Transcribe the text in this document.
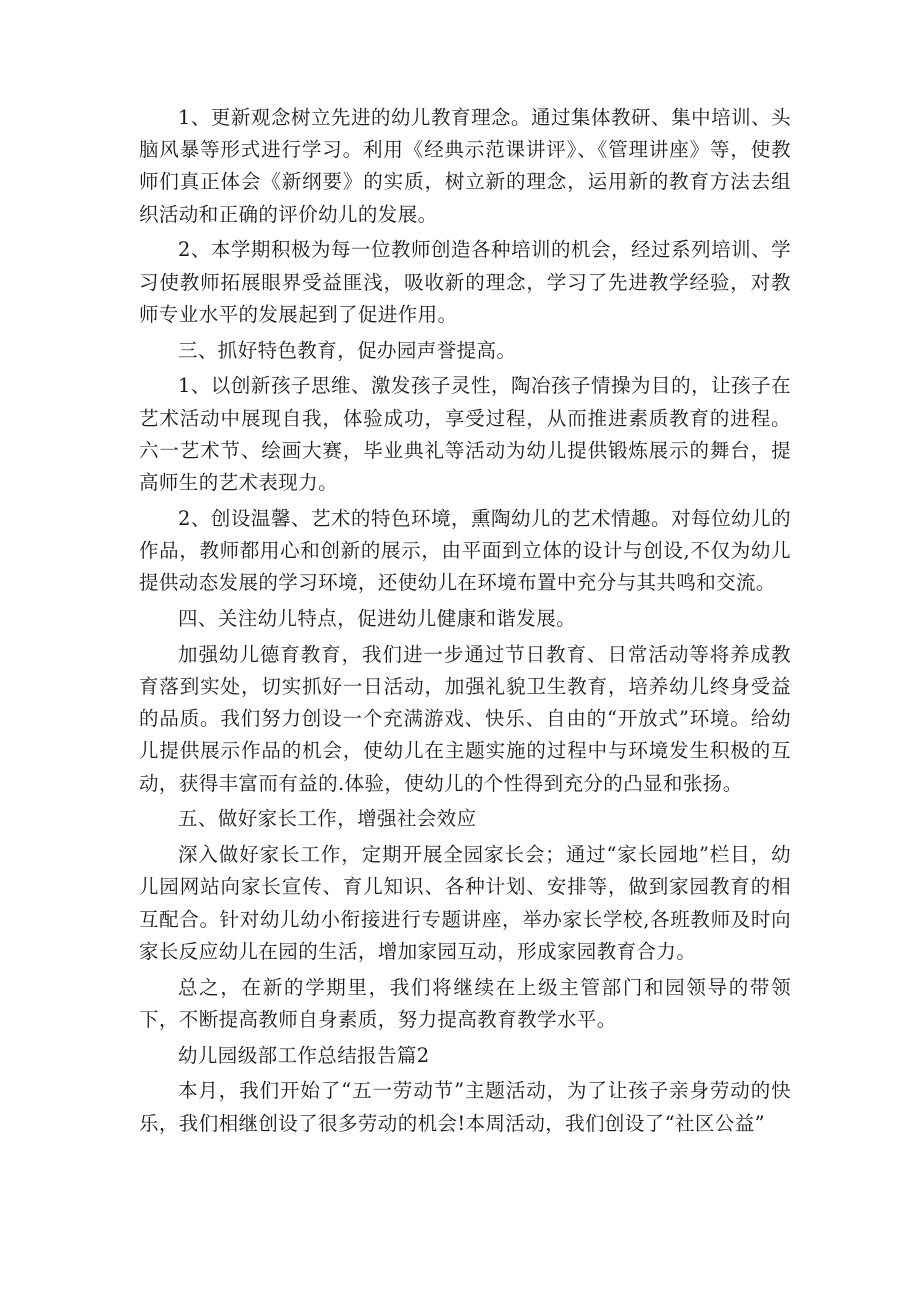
1、更新观念树立先进的幼儿教育理念。通过集体教研、集中培训、头脑风暴等形式进行学习。利用《经典示范课讲评》、《管理讲座》等，使教师们真正体会《新纲要》的实质，树立新的理念，运用新的教育方法去组织活动和正确的评价幼儿的发展。

2、本学期积极为每一位教师创造各种培训的机会，经过系列培训、学习使教师拓展眼界受益匪浅，吸收新的理念，学习了先进教学经验，对教师专业水平的发展起到了促进作用。

三、抓好特色教育，促办园声誉提高。

1、以创新孩子思维、激发孩子灵性，陶冶孩子情操为目的，让孩子在艺术活动中展现自我，体验成功，享受过程，从而推进素质教育的进程。六一艺术节、绘画大赛，毕业典礼等活动为幼儿提供锻炼展示的舞台，提高师生的艺术表现力。

2、创设温馨、艺术的特色环境，熏陶幼儿的艺术情趣。对每位幼儿的作品，教师都用心和创新的展示，由平面到立体的设计与创设,不仅为幼儿提供动态发展的学习环境，还使幼儿在环境布置中充分与其共鸣和交流。

四、关注幼儿特点，促进幼儿健康和谐发展。

加强幼儿德育教育，我们进一步通过节日教育、日常活动等将养成教育落到实处，切实抓好一日活动，加强礼貌卫生教育，培养幼儿终身受益的品质。我们努力创设一个充满游戏、快乐、自由的“开放式”环境。给幼儿提供展示作品的机会，使幼儿在主题实施的过程中与环境发生积极的互动，获得丰富而有益的.体验，使幼儿的个性得到充分的凸显和张扬。

五、做好家长工作，增强社会效应

深入做好家长工作，定期开展全园家长会；通过“家长园地”栏目，幼儿园网站向家长宣传、育儿知识、各种计划、安排等，做到家园教育的相互配合。针对幼儿幼小衔接进行专题讲座，举办家长学校,各班教师及时向家长反应幼儿在园的生活，增加家园互动，形成家园教育合力。

总之，在新的学期里，我们将继续在上级主管部门和园领导的带领下，不断提高教师自身素质，努力提高教育教学水平。

幼儿园级部工作总结报告篇2

本月，我们开始了“五一劳动节”主题活动，为了让孩子亲身劳动的快乐，我们相继创设了很多劳动的机会!本周活动，我们创设了“社区公益”
